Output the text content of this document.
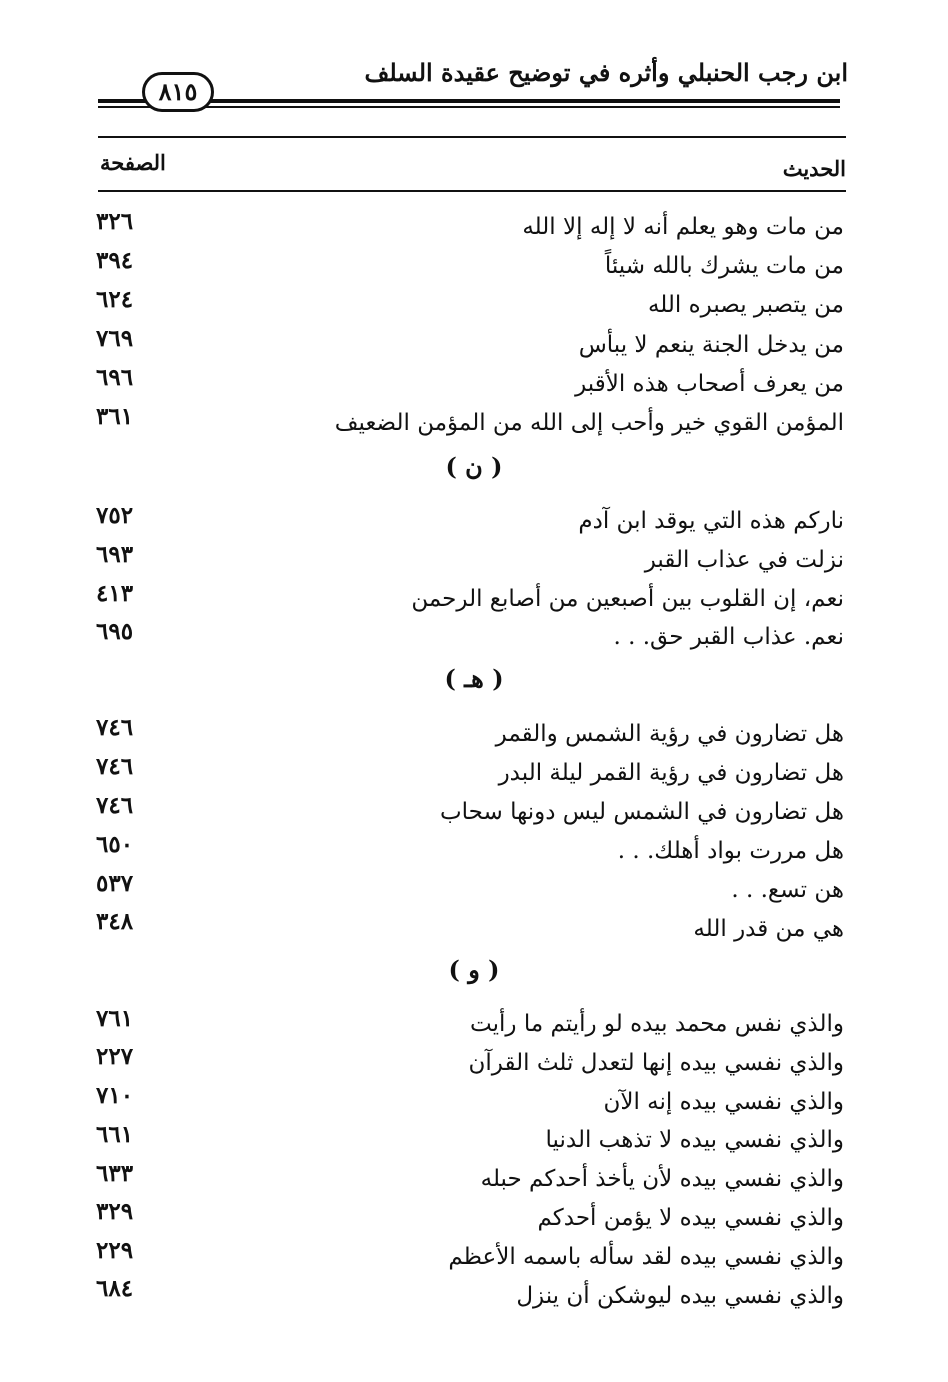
ابن رجب الحنبلي وأثره في توضيح عقيدة السلف
٨١٥
الحديث
الصفحة
من مات وهو يعلم أنه لا إله إلا الله
٣٢٦
من مات يشرك بالله شيئاً
٣٩٤
من يتصبر يصبره الله
٦٢٤
من يدخل الجنة ينعم لا يبأس
٧٦٩
من يعرف أصحاب هذه الأقبر
٦٩٦
المؤمن القوي خير وأحب إلى الله من المؤمن الضعيف
٣٦١
( ن )
ناركم هذه التي يوقد ابن آدم
٧٥٢
نزلت في عذاب القبر
٦٩٣
نعم، إن القلوب بين أصبعين من أصابع الرحمن
٤١٣
نعم. عذاب القبر حق. . .
٦٩٥
( هـ )
هل تضارون في رؤية الشمس والقمر
٧٤٦
هل تضارون في رؤية القمر ليلة البدر
٧٤٦
هل تضارون في الشمس ليس دونها سحاب
٧٤٦
هل مررت بواد أهلك. . .
٦٥٠
هن تسع. . .
٥٣٧
هي من قدر الله
٣٤٨
( و )
والذي نفس محمد بيده لو رأيتم ما رأيت
٧٦١
والذي نفسي بيده إنها لتعدل ثلث القرآن
٢٢٧
والذي نفسي بيده إنه الآن
٧١٠
والذي نفسي بيده لا تذهب الدنيا
٦٦١
والذي نفسي بيده لأن يأخذ أحدكم حبله
٦٣٣
والذي نفسي بيده لا يؤمن أحدكم
٣٢٩
والذي نفسي بيده لقد سأله باسمه الأعظم
٢٢٩
والذي نفسي بيده ليوشكن أن ينزل
٦٨٤
